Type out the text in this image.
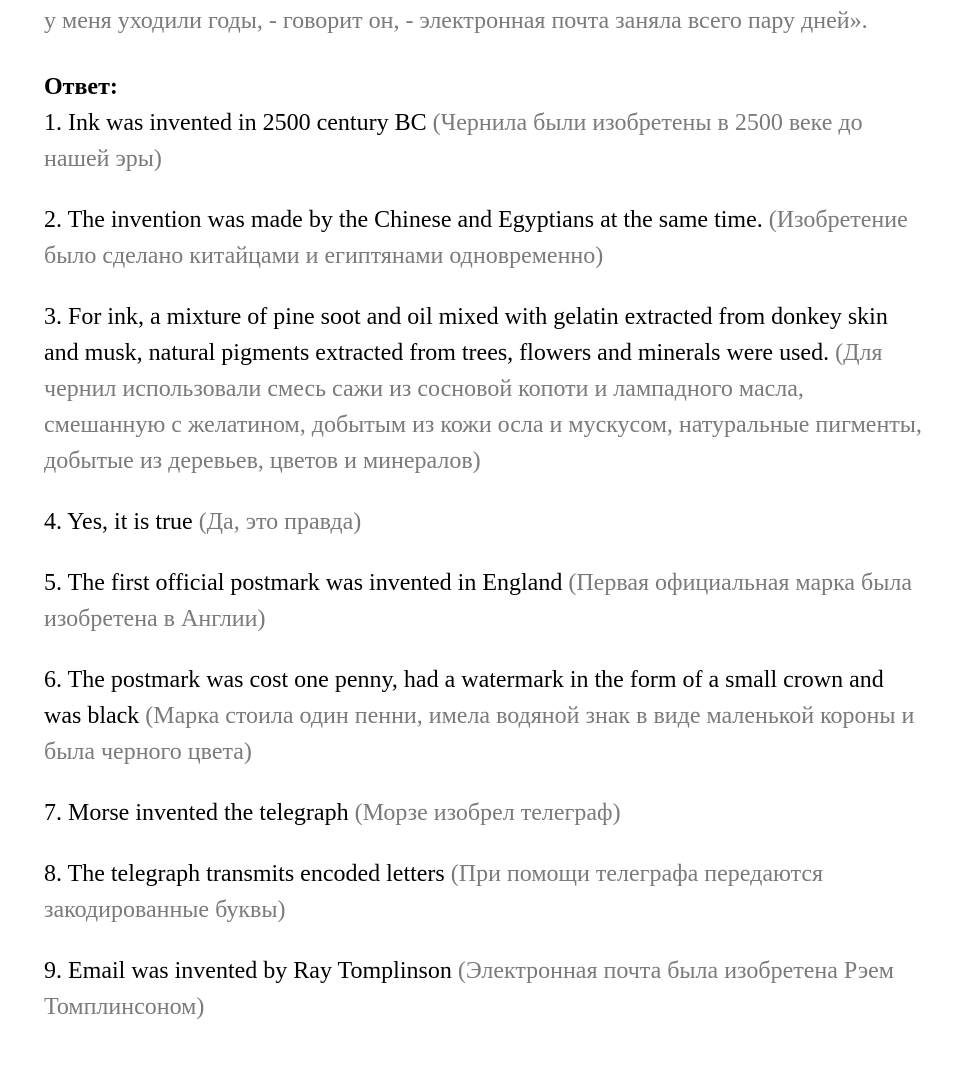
у меня уходили годы, - говорит он, - электронная почта заняла всего пару дней».

Ответ:

1. Ink was invented in 2500 century BC (Чернила были изобретены в 2500 веке до нашей эры)

2. The invention was made by the Chinese and Egyptians at the same time. (Изобретение было сделано китайцами и египтянами одновременно)

3. For ink, a mixture of pine soot and oil mixed with gelatin extracted from donkey skin and musk, natural pigments extracted from trees, flowers and minerals were used. (Для чернил использовали смесь сажи из сосновой копоти и лампадного масла, смешанную с желатином, добытым из кожи осла и мускусом, натуральные пигменты, добытые из деревьев, цветов и минералов)

4. Yes, it is true (Да, это правда)

5. The first official postmark was invented in England (Первая официальная марка была изобретена в Англии)

6. The postmark was cost one penny, had a watermark in the form of a small crown and was black (Марка стоила один пенни, имела водяной знак в виде маленькой короны и была черного цвета)

7. Morse invented the telegraph (Морзе изобрел телеграф)

8. The telegraph transmits encoded letters (При помощи телеграфа передаются закодированные буквы)

9. Email was invented by Ray Tomplinson (Электронная почта была изобретена Рэем Томплинсоном)
